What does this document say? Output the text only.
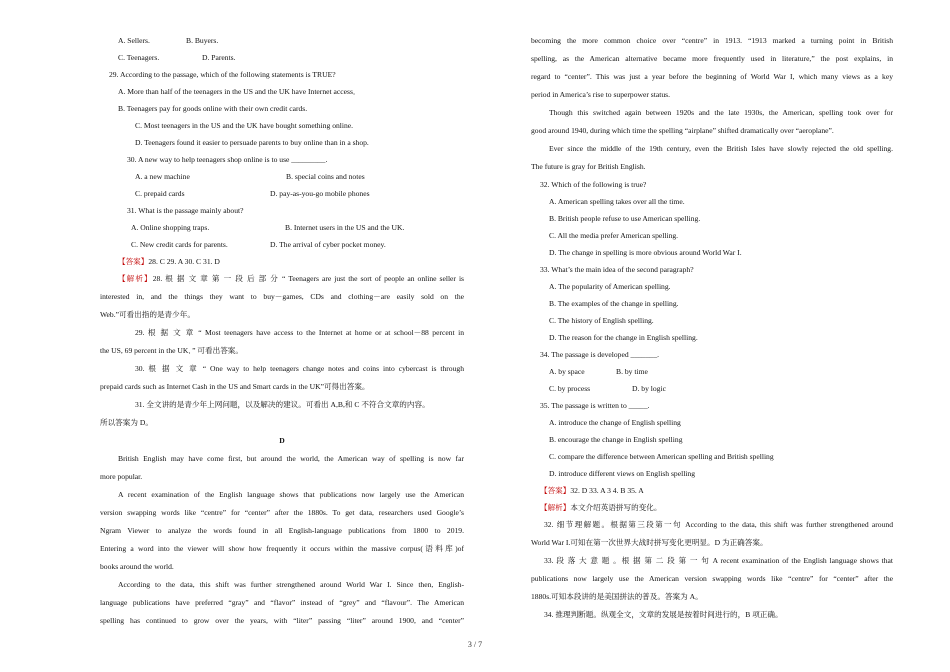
A. Sellers.	B. Buyers.
C. Teenagers.	D. Parents.
29. According to the passage, which of the following statements is TRUE?
A. More than half of the teenagers in the US and the UK have Internet access．
B. Teenagers pay for goods online with their own credit cards.
C. Most teenagers in the US and the UK have bought something online.
D. Teenagers found it easier to persuade parents to buy online than in a shop.
30. A new way to help teenagers shop online is to use _________.
A. a new machine	B. special coins and notes
C. prepaid cards	D. pay-as-you-go mobile phones
31. What is the passage mainly about?
A. Online shopping traps.	B. Internet users in the US and the UK.
C. New credit cards for parents.	D. The arrival of cyber pocket money.
【答案】28. C 29. A 30. C 31. D
【解析】28. 根 据 文 章 第 一 段 后 部 分 “ Teenagers are just the sort of people an online seller is
interested in, and the things they want to buy－games, CDs and clothing－are easily sold on the
Web.”可看出指的是青少年。
29. 根 据 文 章 “ Most teenagers have access to the Internet at home or at school－88 percent in
the US, 69 percent in the UK．” 可看出答案。
30. 根 据 文 章 “ One way to help teenagers change notes and coins into cybercast is through
prepaid cards such as Internet Cash in the US and Smart cards in the UK”可得出答案。
31. 全文讲的是青少年上网问题，以及解决的建议。可看出 A,B,和 C 不符合文章的内容。
所以答案为 D。
D
British English may have come first, but around the world, the American way of spelling is now far
more popular.
A recent examination of the English language shows that publications now largely use the American
version swapping words like “centre” for “center” after the 1880s. To get data, researchers used Google’s
Ngram Viewer to analyze the words found in all English-language publications from 1800 to 2019.
Entering a word into the viewer will show how frequently it occurs within the massive corpus(语料库)of
books around the world.
According to the data, this shift was further strengthened around World War I. Since then, English-
language publications have preferred “gray” and “flavor” instead of “grey” and “flavour”. The American
spelling has continued to grow over the years, with “liter” passing “liter” around 1900, and “center”
becoming the more common choice over “centre” in 1913. “1913 marked a turning point in British
spelling, as the American alternative became more frequently used in literature,” the post explains, in
regard to “center”. This was just a year before the beginning of World War I, which many views as a key
period in America’s rise to superpower status.
Though this switched again between 1920s and the late 1930s, the American, spelling took over for
good around 1940, during which time the spelling “airplane” shifted dramatically over “aeroplane”.
Ever since the middle of the 19th century, even the British Isles have slowly rejected the old spelling.
The future is gray for British English.
32. Which of the following is true?
A. American spelling takes over all the time.
B. British people refuse to use American spelling.
C. All the media prefer American spelling.
D. The change in spelling is more obvious around World War I.
33. What’s the main idea of the second paragraph?
A. The popularity of American spelling.
B. The examples of the change in spelling.
C. The history of English spelling.
D. The reason for the change in English spelling.
34. The passage is developed _______.
A. by space	B. by time
C. by process	D. by logic
35. The passage is written to _____.
A. introduce the change of English spelling
B. encourage the change in English spelling
C. compare the difference between American spelling and British spelling
D. introduce different views on English spelling
【答案】32. D 33. A 3 4. B 35. A
【解析】本文介绍英语拼写的变化。
32. 细节理解题。根据第三段第一句 According to the data, this shift was further strengthened around
World War I.可知在第一次世界大战时拼写变化更明显。D 为正确答案。
33. 段 落 大 意 题 。根 据 第 二 段 第 一 句 A recent examination of the English language shows that
publications now largely use the American version swapping words like “centre” for “center” after the
1880s.可知本段讲的是美国拼法的普及。答案为 A。
34. 推理判断题。纵观全文，文章的发展是按着时间进行的，B 项正确。
3 / 7
